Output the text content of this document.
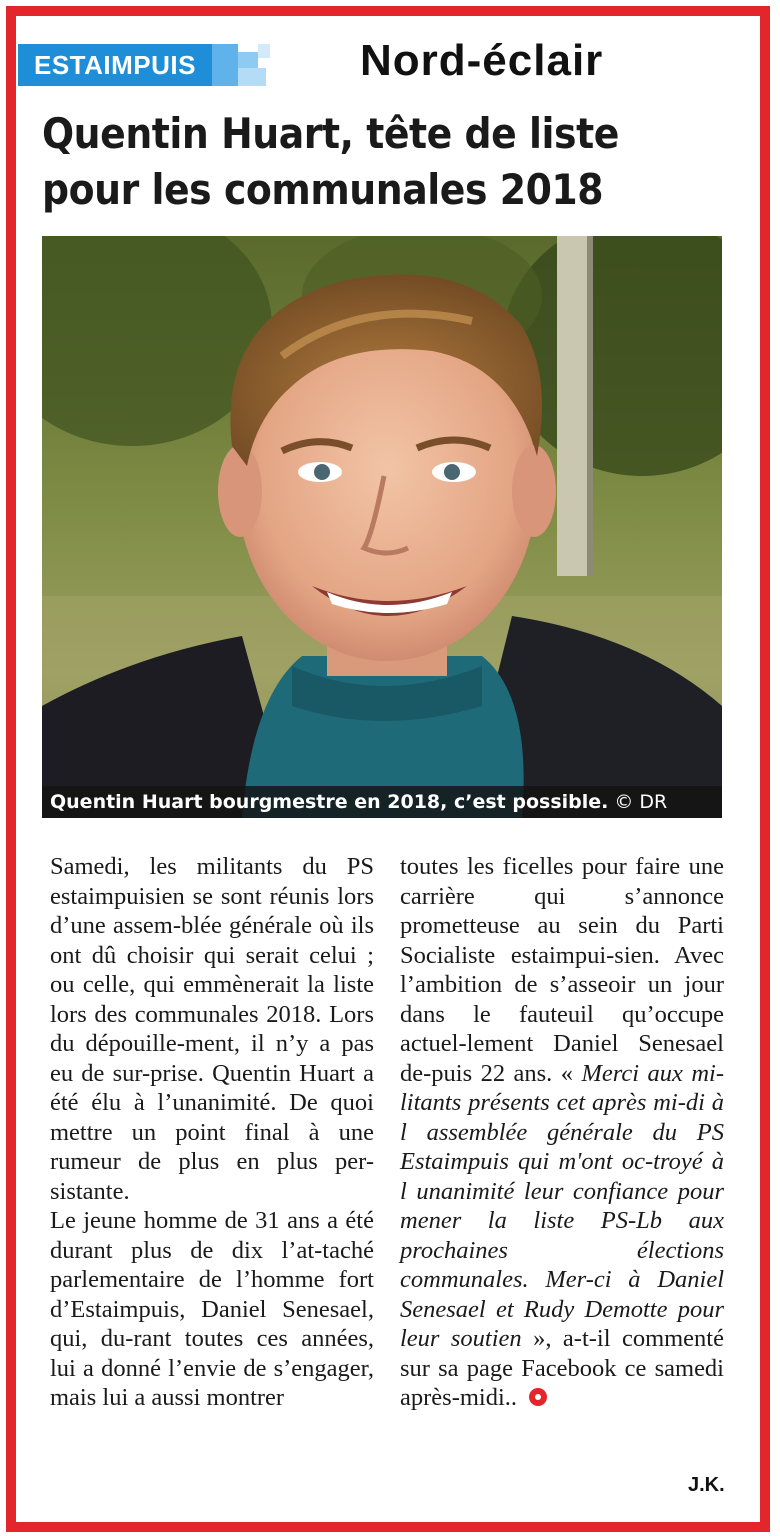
ESTAIMPUIS	Nord-éclair
Quentin Huart, tête de liste pour les communales 2018
Quentin Huart bourgmestre en 2018, c’est possible. © DR

Samedi, les militants du PS estaimpuisien se sont réunis lors d’une assem-blée générale où ils ont dû choisir qui serait celui ; ou celle, qui emmènerait la liste lors des communales 2018. Lors du dépouille-ment, il n’y a pas eu de sur-prise. Quentin Huart a été élu à l’unanimité. De quoi mettre un point final à une rumeur de plus en plus per-sistante.

Le jeune homme de 31 ans a été durant plus de dix l’at-taché parlementaire de l’homme fort d’Estaimpuis, Daniel Senesael, qui, du-rant toutes ces années, lui a donné l’envie de s’engager, mais lui a aussi montrer

toutes les ficelles pour faire une carrière qui s’annonce prometteuse au sein du Parti Socialiste estaimpui-sien. Avec l’ambition de s’asseoir un jour dans le fauteuil qu’occupe actuel-lement Daniel Senesael de-puis 22 ans. « Merci aux mi-litants présents cet après mi-di à l assemblée générale du PS Estaimpuis qui m'ont oc-troyé à l unanimité leur confiance pour mener la liste PS-Lb aux prochaines élections communales. Mer-ci à Daniel Senesael et Rudy Demotte pour leur soutien », a-t-il commenté sur sa page Facebook ce samedi après-midi..

J.K.
